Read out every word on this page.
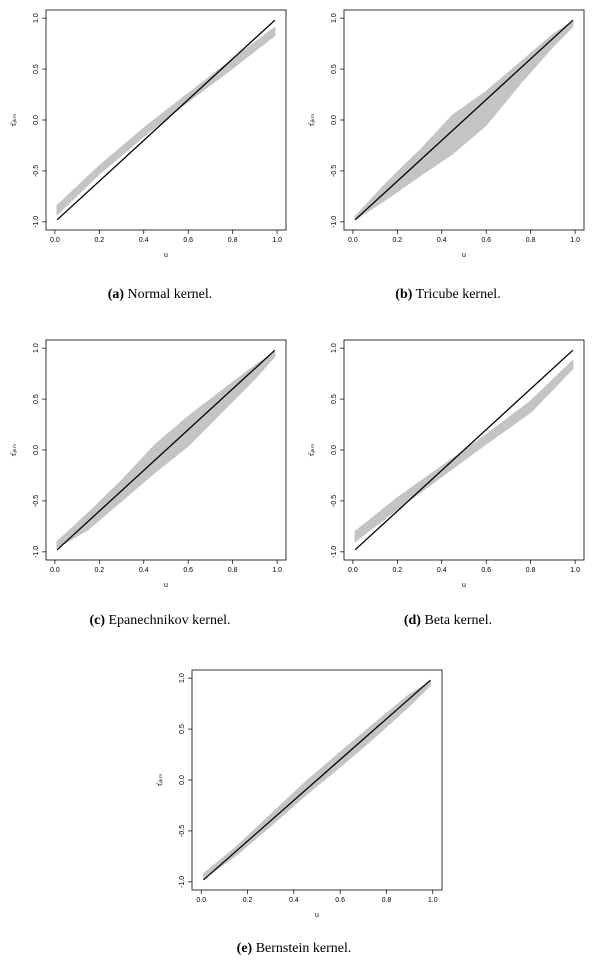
0.0	0.2	0.4	0.6	0.8	1.0
-1.0
-0.5
0.0
0.5
1.0
u
τ̂ᵢⱼₖₘ
(a) Normal kernel.
0.0	0.2	0.4	0.6	0.8	1.0
-1.0
-0.5
0.0
0.5
1.0
u
τ̂ᵢⱼₖₘ
(b) Tricube kernel.
0.0	0.2	0.4	0.6	0.8	1.0
-1.0
-0.5
0.0
0.5
1.0
u
τ̂ᵢⱼₖₘ
(c) Epanechnikov kernel.
0.0	0.2	0.4	0.6	0.8	1.0
-1.0
-0.5
0.0
0.5
1.0
u
τ̂ᵢⱼₖₘ
(d) Beta kernel.
0.0	0.2	0.4	0.6	0.8	1.0
-1.0
-0.5
0.0
0.5
1.0
u
τ̂ᵢⱼₖₘ
(e) Bernstein kernel.
